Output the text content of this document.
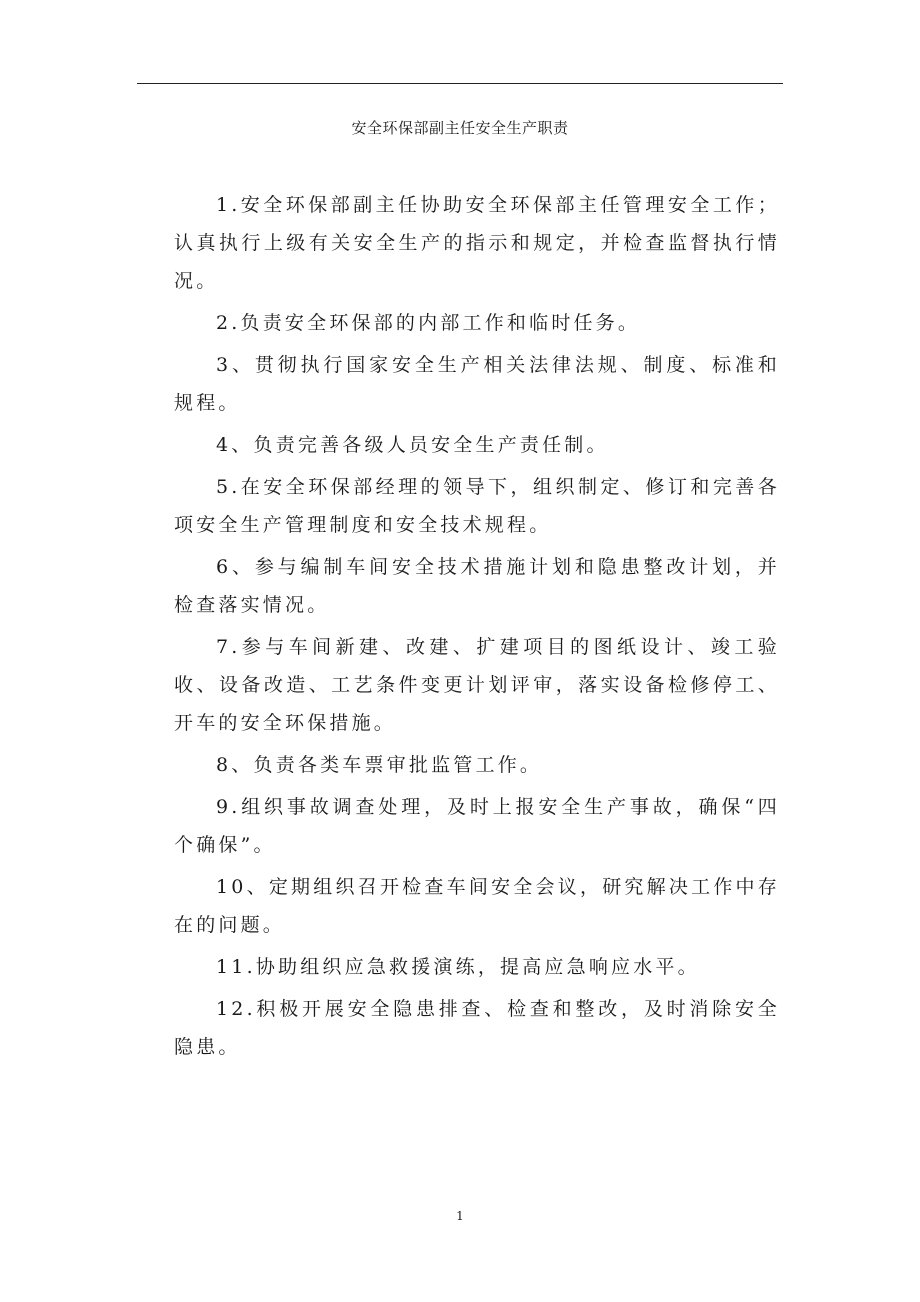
安全环保部副主任安全生产职责

1.安全环保部副主任协助安全环保部主任管理安全工作；认真执行上级有关安全生产的指示和规定，并检查监督执行情况。

2.负责安全环保部的内部工作和临时任务。

3、贯彻执行国家安全生产相关法律法规、制度、标准和规程。

4、负责完善各级人员安全生产责任制。

5.在安全环保部经理的领导下，组织制定、修订和完善各项安全生产管理制度和安全技术规程。

6、参与编制车间安全技术措施计划和隐患整改计划，并检查落实情况。

7.参与车间新建、改建、扩建项目的图纸设计、竣工验收、设备改造、工艺条件变更计划评审，落实设备检修停工、开车的安全环保措施。

8、负责各类车票审批监管工作。

9.组织事故调查处理，及时上报安全生产事故，确保“四个确保”。

10、定期组织召开检查车间安全会议，研究解决工作中存在的问题。

11.协助组织应急救援演练，提高应急响应水平。

12.积极开展安全隐患排查、检查和整改，及时消除安全隐患。

1
